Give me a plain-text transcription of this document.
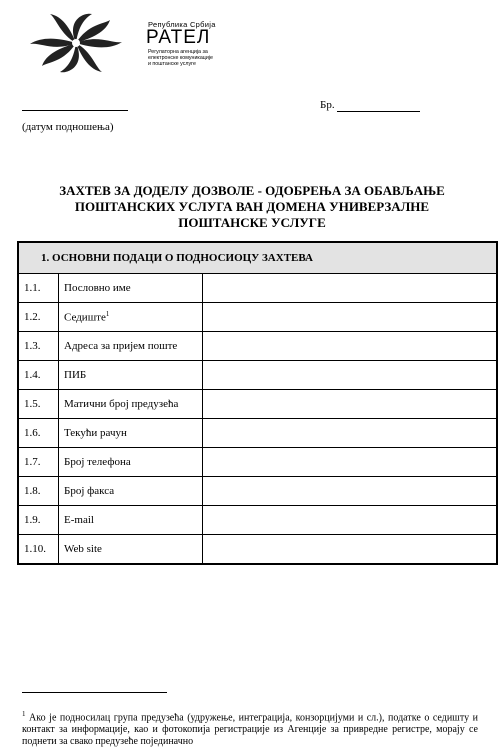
Република Србија
РАТЕЛ
Регулаторна агенција за
електронске комуникације
и поштанске услуге
(датум подношења)
Бр.
ЗАХТЕВ ЗА ДОДЕЛУ ДОЗВОЛЕ - ОДОБРЕЊА ЗА ОБАВЉАЊЕ
ПОШТАНСКИХ УСЛУГА ВАН ДОМЕНА УНИВЕРЗАЛНЕ
ПОШТАНСКЕ УСЛУГЕ
1. ОСНОВНИ ПОДАЦИ О ПОДНОСИОЦУ ЗАХТЕВА		
1.1.	Пословно име	
1.2.	Седиште$^1$	
1.3.	Адреса за пријем поште	
1.4.	ПИБ	
1.5.	Матични број предузећа	
1.6.	Текући рачун	
1.7.	Број телефона	
1.8.	Број факса	
1.9.	E-mail	
1.10.	Web site	
$^1$ Ако је подносилац група предузећа (удружење, интеграција, конзорцијуми и сл.), податке о седишту и контакт за информације, као и фотокопија регистрације из Агенције за привредне регистре, морају се поднети за свако предузеће појединачно
